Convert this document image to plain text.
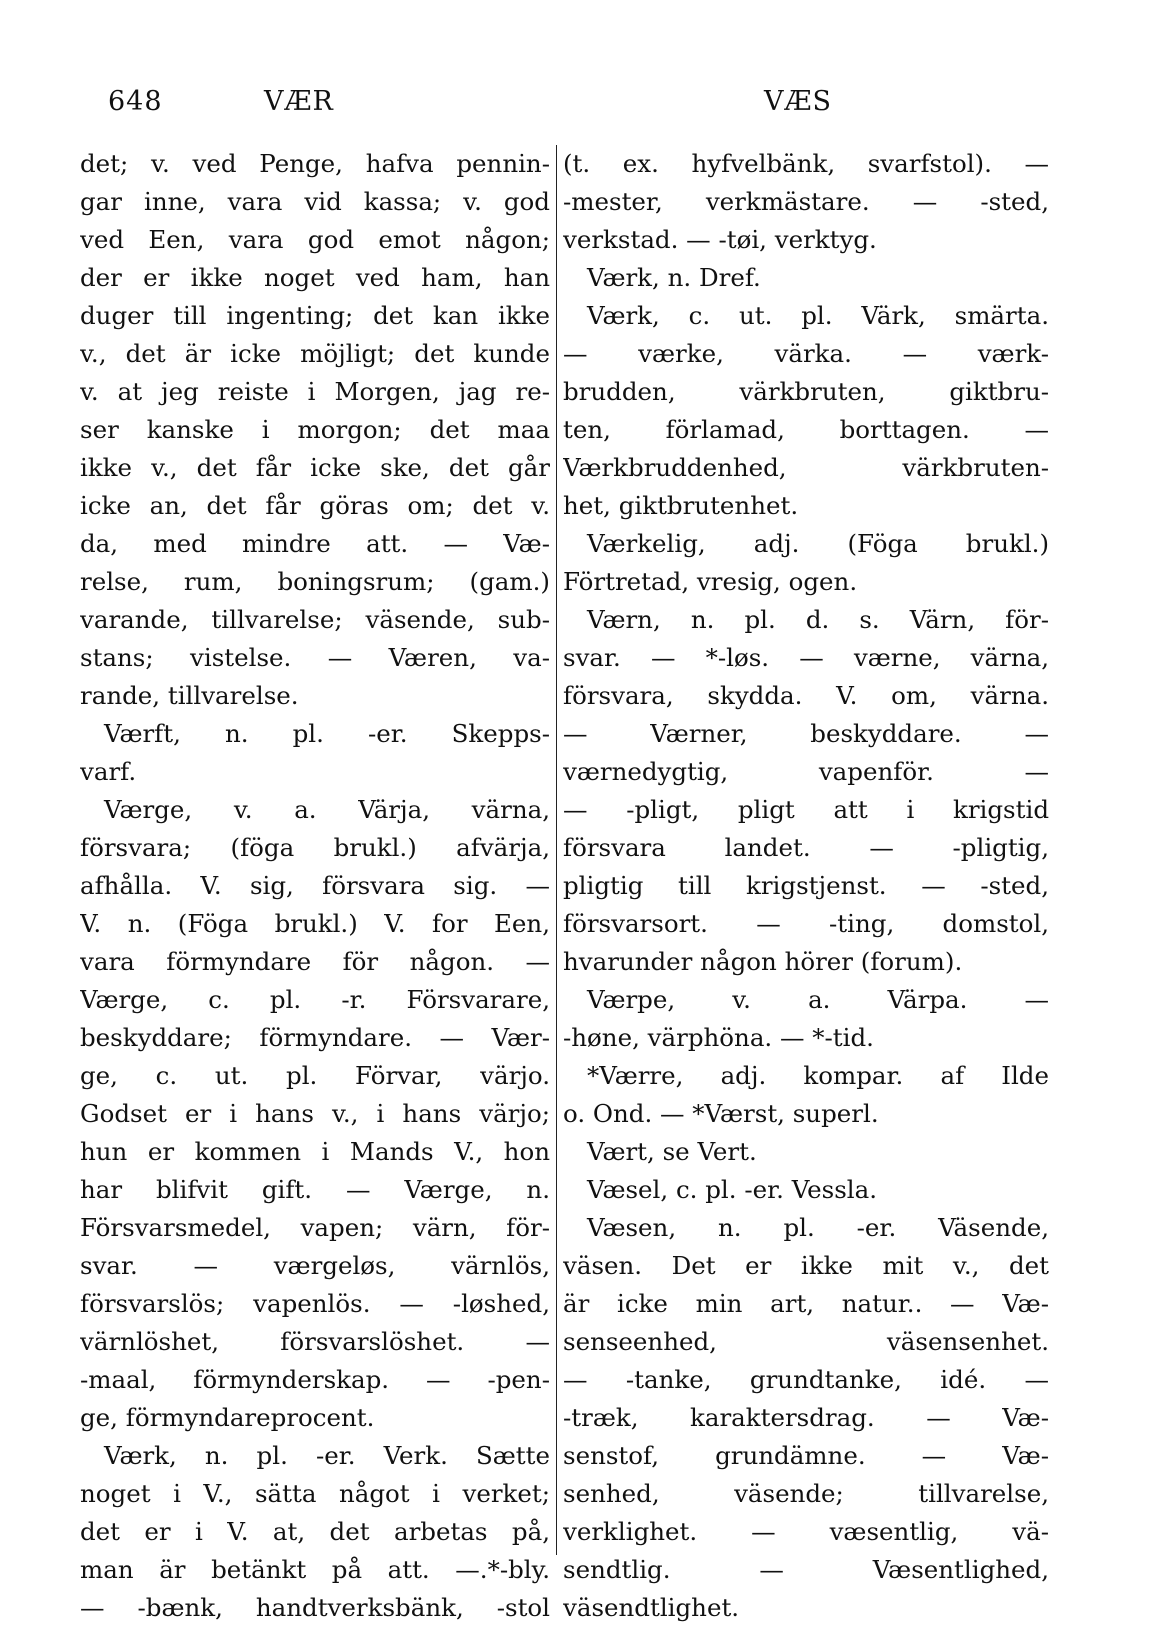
648	VÆR	VÆS
det; v. ved Penge, hafva pennin-
gar inne, vara vid kassa; v. god
ved Een, vara god emot någon;
der er ikke noget ved ham, han
duger till ingenting; det kan ikke
v., det är icke möjligt; det kunde
v. at jeg reiste i Morgen, jag re-
ser kanske i morgon; det maa
ikke v., det får icke ske, det går
icke an, det får göras om; det v.
da, med mindre att. — Væ-
relse, rum, boningsrum; (gam.)
varande, tillvarelse; väsende, sub-
stans; vistelse. — Væren, va-
rande, tillvarelse.
Værft, n. pl. -er. Skepps-
varf.
Værge, v. a. Värja, värna,
försvara; (föga brukl.) afvärja,
afhålla. V. sig, försvara sig. —
V. n. (Föga brukl.) V. for Een,
vara förmyndare för någon. —
Værge, c. pl. -r. Försvarare,
beskyddare; förmyndare. — Vær-
ge, c. ut. pl. Förvar, värjo.
Godset er i hans v., i hans värjo;
hun er kommen i Mands V., hon
har blifvit gift. — Værge, n.
Försvarsmedel, vapen; värn, för-
svar. — værgeløs, värnlös,
försvarslös; vapenlös. — -løshed,
värnlöshet, försvarslöshet. —
-maal, förmynderskap. — -pen-
ge, förmyndareprocent.
Værk, n. pl. -er. Verk. Sætte
noget i V., sätta något i verket;
det er i V. at, det arbetas på,
man är betänkt på att. —.*-bly.
— -bænk, handtverksbänk, -stol
(t. ex. hyfvelbänk, svarfstol). —
-mester, verkmästare. — -sted,
verkstad. — -tøi, verktyg.
Værk, n. Dref.
Værk, c. ut. pl. Värk, smärta.
— værke, värka. — værk-
brudden, värkbruten, giktbru-
ten, förlamad, borttagen. —
Værkbruddenhed, värkbruten-
het, giktbrutenhet.
Værkelig, adj. (Föga brukl.)
Förtretad, vresig, ogen.
Værn, n. pl. d. s. Värn, för-
svar. — *-løs. — værne, värna,
försvara, skydda. V. om, värna.
— Værner, beskyddare. —
værnedygtig, vapenför. —
— -pligt, pligt att i krigstid
försvara landet. — -pligtig,
pligtig till krigstjenst. — -sted,
försvarsort. — -ting, domstol,
hvarunder någon hörer (forum).
Værpe, v. a. Värpa. —
-høne, värphöna. — *-tid.
*Værre, adj. kompar. af Ilde
o. Ond. — *Værst, superl.
Vært, se Vert.
Væsel, c. pl. -er. Vessla.
Væsen, n. pl. -er. Väsende,
väsen. Det er ikke mit v., det
är icke min art, natur.. — Væ-
senseenhed, väsensenhet.
— -tanke, grundtanke, idé. —
-træk, karaktersdrag. — Væ-
senstof, grundämne. — Væ-
senhed, väsende; tillvarelse,
verklighet. — væsentlig, vä-
sendtlig. — Væsentlighed,
väsendtlighet.
